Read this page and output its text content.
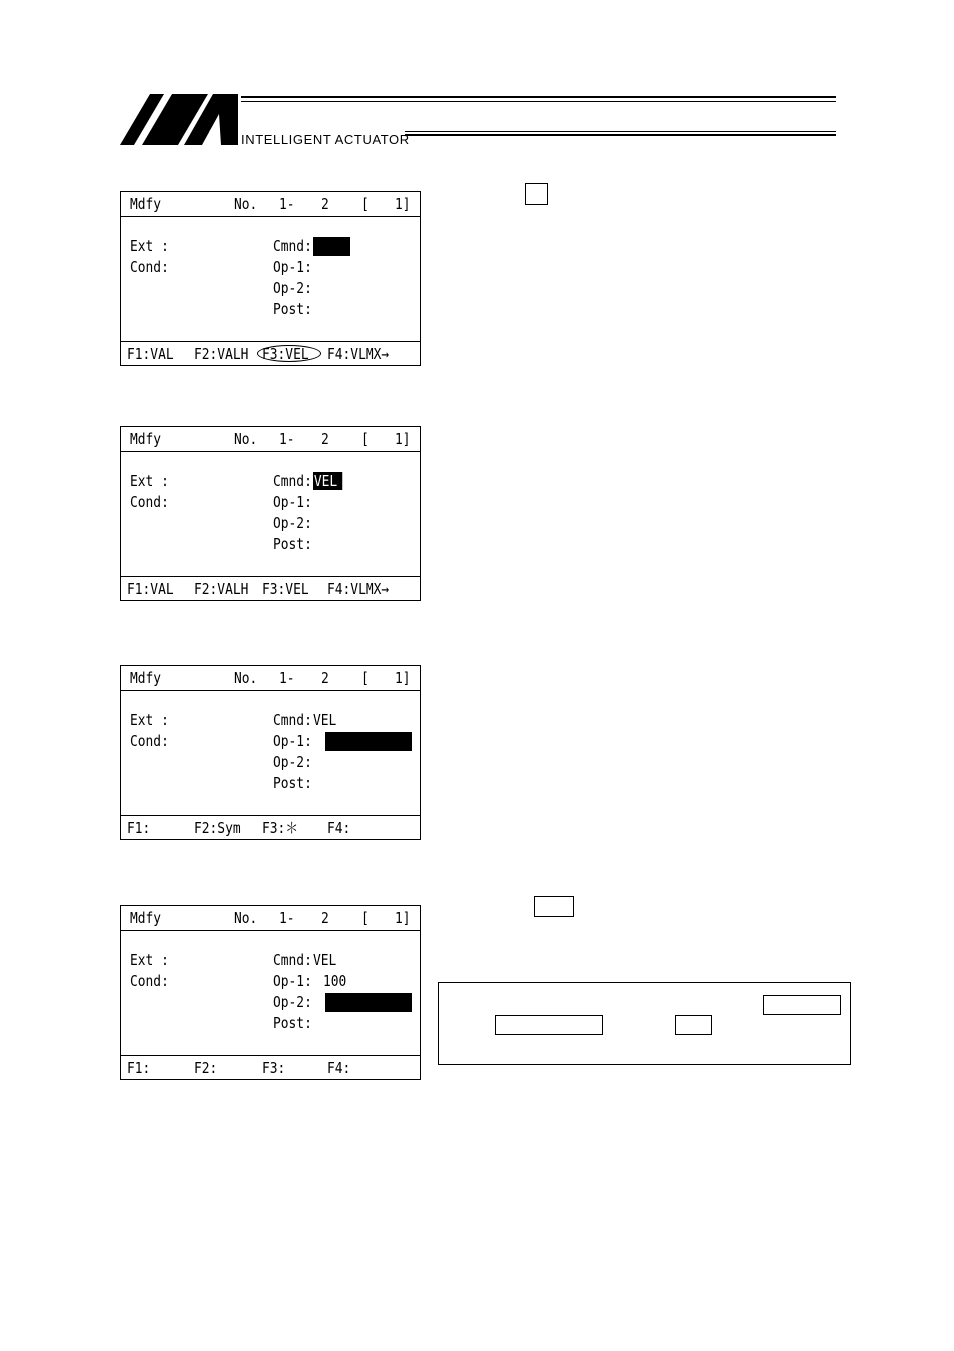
INTELLIGENT ACTUATOR
Mdfy	No. 1- 2 [ 1]
F1:VAL F2:VALH F3:VEL F4:VLMX→
Ext :
Cond:
Cmnd:
Op-1:
Op-2:
Post:
Mdfy	No. 1- 2 [ 1]
F1:VAL F2:VALH F3:VEL F4:VLMX→
Ext :
Cond:
Cmnd: VEL
Op-1:
Op-2:
Post:
Mdfy	No. 1- 2 [ 1]
F1:	F2:Sym F3:＊ F4:
Ext :
Cond:
Cmnd: VEL
Op-1:
Op-2:
Post:
Mdfy	No. 1- 2 [ 1]
F1:	F2:	F3:	F4:
Ext :
Cond:
Cmnd: VEL
Op-1: 100
Op-2:
Post:
